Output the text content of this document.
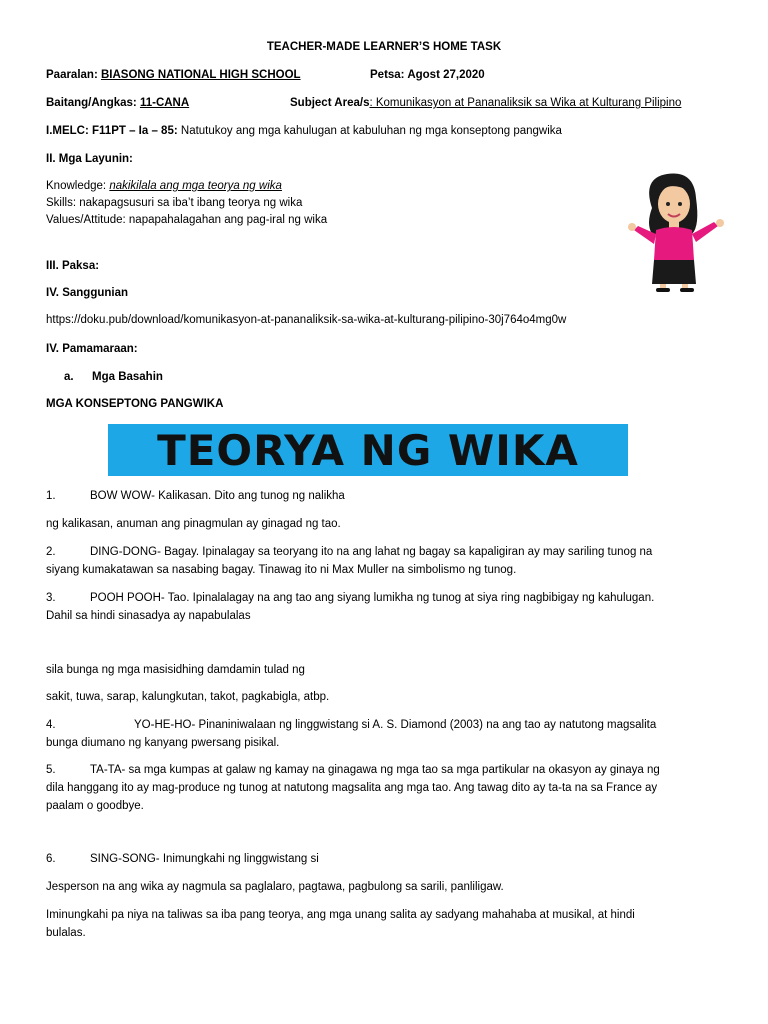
TEACHER-MADE LEARNER’S HOME TASK
Paaralan: BIASONG NATIONAL HIGH SCHOOL	Petsa: Agost 27,2020
Baitang/Angkas: 11-CANA	Subject Area/s: Komunikasyon at Pananaliksik sa Wika at Kulturang Pilipino
I.MELC: F11PT – Ia – 85: Natutukoy ang mga kahulugan at kabuluhan ng mga konseptong pangwika
II. Mga Layunin:
Knowledge: nakikilala ang mga teorya ng wika
Skills: nakapagsusuri sa iba’t ibang teorya ng wika
Values/Attitude: napapahalagahan ang pag-iral ng wika
III. Paksa:
IV. Sanggunian
https://doku.pub/download/komunikasyon-at-pananaliksik-sa-wika-at-kulturang-pilipino-30j764o4mg0w
IV. Pamamaraan:
a. Mga Basahin
MGA KONSEPTONG PANGWIKA
TEORYA NG WIKA
1.	BOW WOW- Kalikasan. Dito ang tunog ng nalikha
ng kalikasan, anuman ang pinagmulan ay ginagad ng tao.
2.	DING-DONG- Bagay. Ipinalagay sa teoryang ito na ang lahat ng bagay sa kapaligiran ay may sariling tunog na
siyang kumakatawan sa nasabing bagay. Tinawag ito ni Max Muller na simbolismo ng tunog.
3.	POOH POOH- Tao. Ipinalalagay na ang tao ang siyang lumikha ng tunog at siya ring nagbibigay ng kahulugan.
Dahil sa hindi sinasadya ay napabulalas
sila bunga ng mga masisidhing damdamin tulad ng
sakit, tuwa, sarap, kalungkutan, takot, pagkabigla, atbp.
4.	YO-HE-HO- Pinaniniwalaan ng linggwistang si A. S. Diamond (2003) na ang tao ay natutong magsalita
bunga diumano ng kanyang pwersang pisikal.
5.	TA-TA- sa mga kumpas at galaw ng kamay na ginagawa ng mga tao sa mga partikular na okasyon ay ginaya ng
dila hanggang ito ay mag-produce ng tunog at natutong magsalita ang mga tao. Ang tawag dito ay ta-ta na sa France ay
paalam o goodbye.
6.	SING-SONG- Inimungkahi ng linggwistang si
Jesperson na ang wika ay nagmula sa paglalaro, pagtawa, pagbulong sa sarili, panliligaw.
Iminungkahi pa niya na taliwas sa iba pang teorya, ang mga unang salita ay sadyang mahahaba at musikal, at hindi
bulalas.
